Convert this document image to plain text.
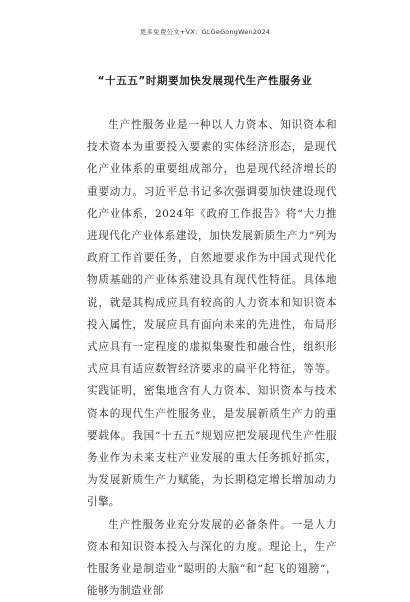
更多免费公文+VX：GLGeGongWen2024
“十五五”时期要加快发展现代生产性服务业

生产性服务业是一种以人力资本、知识资本和技术资本为重要投入要素的实体经济形态，是现代化产业体系的重要组成部分，也是现代经济增长的重要动力。习近平总书记多次强调要加快建设现代化产业体系，2024年《政府工作报告》将“大力推进现代化产业体系建设，加快发展新质生产力”列为政府工作首要任务，自然地要求作为中国式现代化物质基础的产业体系建设具有现代性特征。具体地说，就是其构成应具有较高的人力资本和知识资本投入属性，发展应具有面向未来的先进性，布局形式应具有一定程度的虚拟集聚性和融合性，组织形式应具有适应数智经济要求的扁平化特征，等等。实践证明，密集地含有人力资本、知识资本与技术资本的现代生产性服务业，是发展新质生产力的重要载体。我国“十五五”规划应把发展现代生产性服务业作为未来支柱产业发展的重大任务抓好抓实，为发展新质生产力赋能，为长期稳定增长增加动力引擎。

生产性服务业充分发展的必备条件。一是人力资本和知识资本投入与深化的力度。理论上，生产性服务业是制造业“聪明的大脑”和“起飞的翅膀”，能够为制造业部
